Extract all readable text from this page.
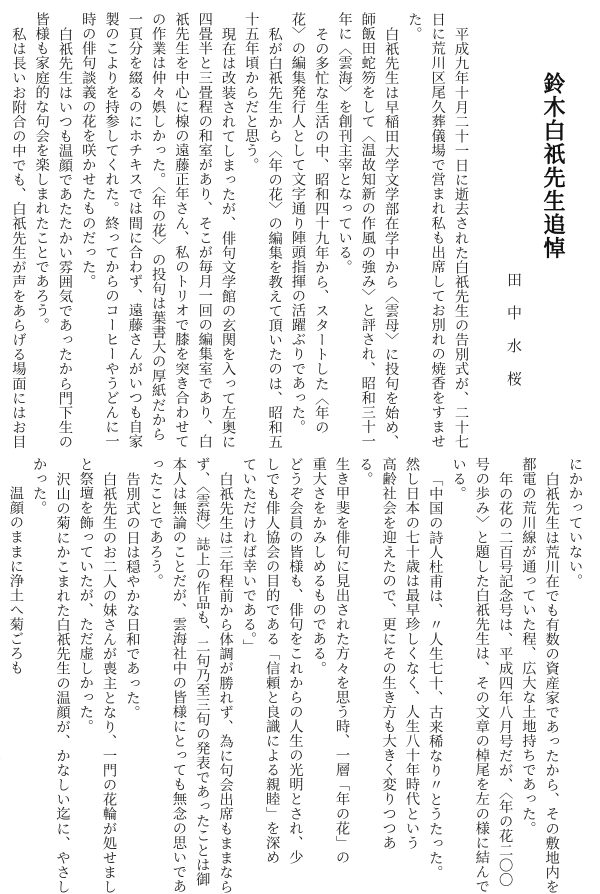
鈴木白祇先生追悼
田中水桜
平成九年十月二十一日に逝去された白祇先生の告別式が、二十七
日に荒川区尾久葬儀場で営まれ私も出席してお別れの焼香をすませ
た。
白祇先生は早稲田大学文学部在学中から〈雲母〉に投句を始め、
師飯田蛇笏をして〈温故知新の作風の強み〉と評され、昭和三十一
年に〈雲海〉を創刊主宰となっている。
その多忙な生活の中、昭和四十九年から、スタートした〈年の
花〉の編集発行人として文字通り陣頭指揮の活躍ぶりであった。
私が白祇先生から〈年の花〉の編集を教えて頂いたのは、昭和五
十五年頃からだと思う。
現在は改装されてしまったが、俳句文学館の玄関を入って左奥に
四畳半と三畳程の和室があり、そこが毎月一回の編集室であり、白
祇先生を中心に楾の遠藤正年さん、私のトリオで膝を突き合わせて
の作業は仲々娯しかった。〈年の花〉の投句は葉書大の厚紙だから
一頁分を綴るのにホチキスでは間に合わず、遠藤さんがいつも自家
製のこよりを持参してくれた。終ってからのコーヒーやうどんに一
時の俳句談義の花を咲かせたものだった。
白祇先生はいつも温顔であたたかい雰囲気であったから門下生の
皆様も家庭的な句会を楽しまれたことであろう。
私は長いお附合の中でも、白祇先生が声をあらげる場面にはお目
にかかっていない。
白祇先生は荒川在でも有数の資産家であったから、その敷地内を
都電の荒川線が通っていた程、広大な土地持ちであった。
年の花の二百号記念号は、平成四年八月号だが、〈年の花二〇〇
号の歩み〉と題した白祇先生は、その文章の棹尾を左の様に結んで
いる。
「中国の詩人杜甫は、〃人生七十、古来稀なり〃とうたった。
然し日本の七十歳は最早珍しくなく、人生八十年時代という
高齢社会を迎えたので、更にその生き方も大きく変りつつあ
る。
生き甲斐を俳句に見出された方々を思う時、一層「年の花」の
重大さをかみしめるものである。
どうぞ会員の皆様も、俳句をこれからの人生の光明とされ、少
しでも俳人協会の目的である「信頼と良識による親睦」を深め
ていただければ幸いである。」
白祇先生は三年程前から体調が勝れず、為に句会出席もままなら
ず、〈雲海〉誌上の作品も、二句乃至三句の発表であったことは御
本人は無論のことだが、雲海社中の皆様にとっても無念の思いであ
ったことであろう。
告別式の日は穏やかな日和であった。
白祇先生のお二人の妹さんが喪主となり、一門の花輪が処せまし
と祭壇を飾っていたが、ただ虚しかった。
沢山の菊にかこまれた白祇先生の温顔が、かなしい迄に、やさし
かった。
温顔のままに浄土へ菊ごろも
